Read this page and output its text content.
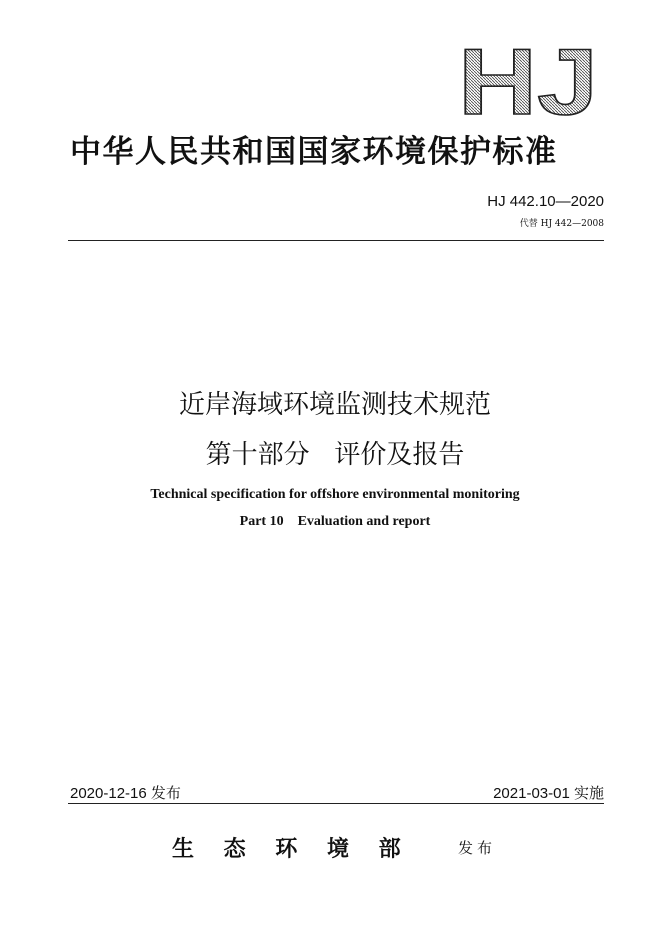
HJ
中华人民共和国国家环境保护标准
HJ 442.10—2020
代替 HJ 442—2008
近岸海域环境监测技术规范
第十部分   评价及报告
Technical specification for offshore environmental monitoring
Part 10    Evaluation and report
2020-12-16 发布	2021-03-01 实施
生 态 环 境 部	发布
